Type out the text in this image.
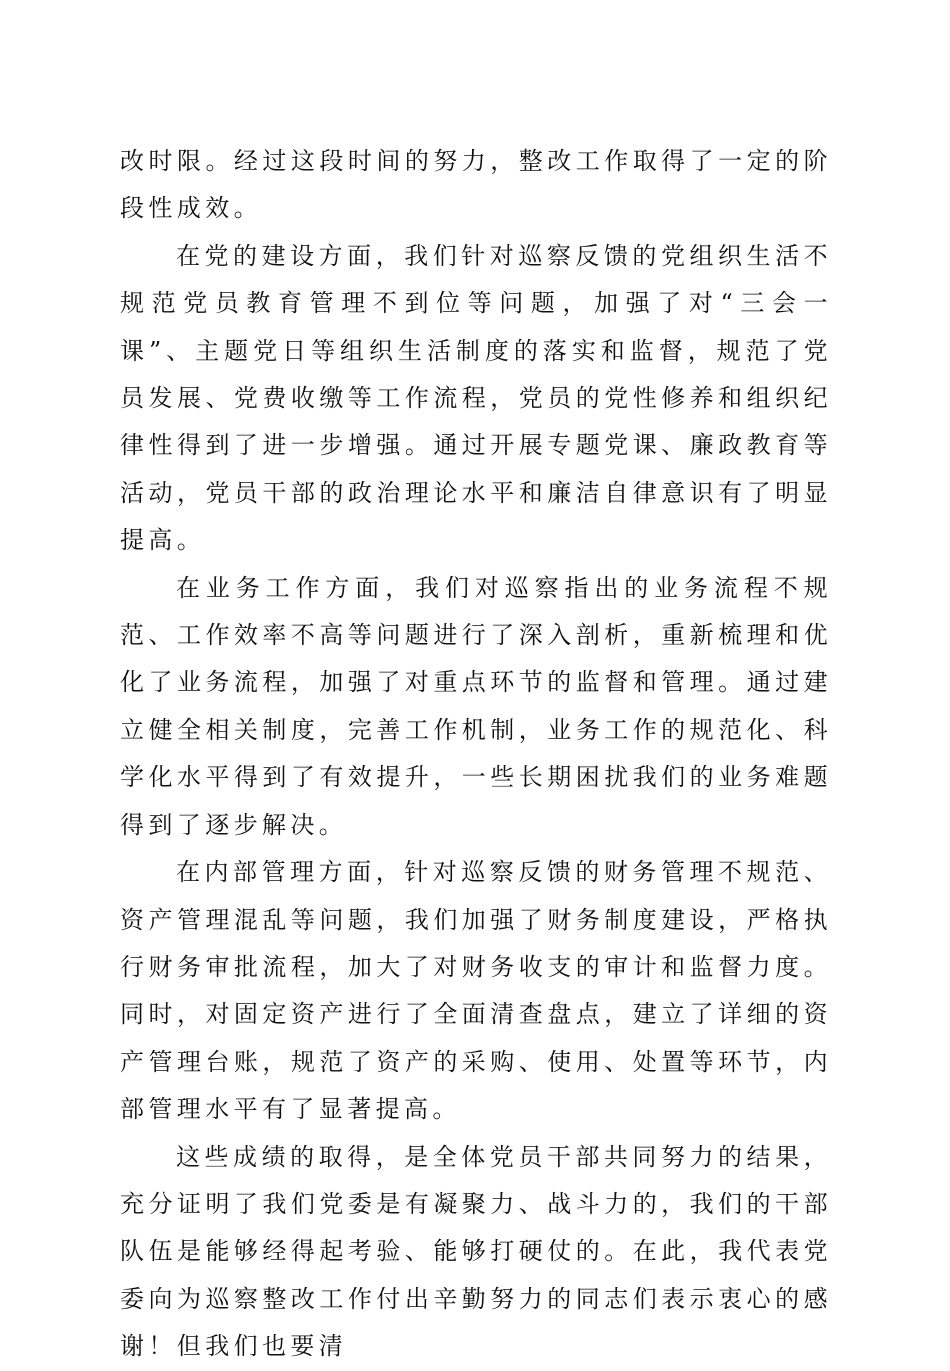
改时限。经过这段时间的努力，整改工作取得了一定的阶段性成效。

在党的建设方面，我们针对巡察反馈的党组织生活不规范党员教育管理不到位等问题，加强了对“三会一课”、主题党日等组织生活制度的落实和监督，规范了党员发展、党费收缴等工作流程，党员的党性修养和组织纪律性得到了进一步增强。通过开展专题党课、廉政教育等活动，党员干部的政治理论水平和廉洁自律意识有了明显提高。

在业务工作方面，我们对巡察指出的业务流程不规范、工作效率不高等问题进行了深入剖析，重新梳理和优化了业务流程，加强了对重点环节的监督和管理。通过建立健全相关制度，完善工作机制，业务工作的规范化、科学化水平得到了有效提升，一些长期困扰我们的业务难题得到了逐步解决。

在内部管理方面，针对巡察反馈的财务管理不规范、资产管理混乱等问题，我们加强了财务制度建设，严格执行财务审批流程，加大了对财务收支的审计和监督力度。同时，对固定资产进行了全面清查盘点，建立了详细的资产管理台账，规范了资产的采购、使用、处置等环节，内部管理水平有了显著提高。

这些成绩的取得，是全体党员干部共同努力的结果，充分证明了我们党委是有凝聚力、战斗力的，我们的干部队伍是能够经得起考验、能够打硬仗的。在此，我代表党委向为巡察整改工作付出辛勤努力的同志们表示衷心的感谢！但我们也要清
